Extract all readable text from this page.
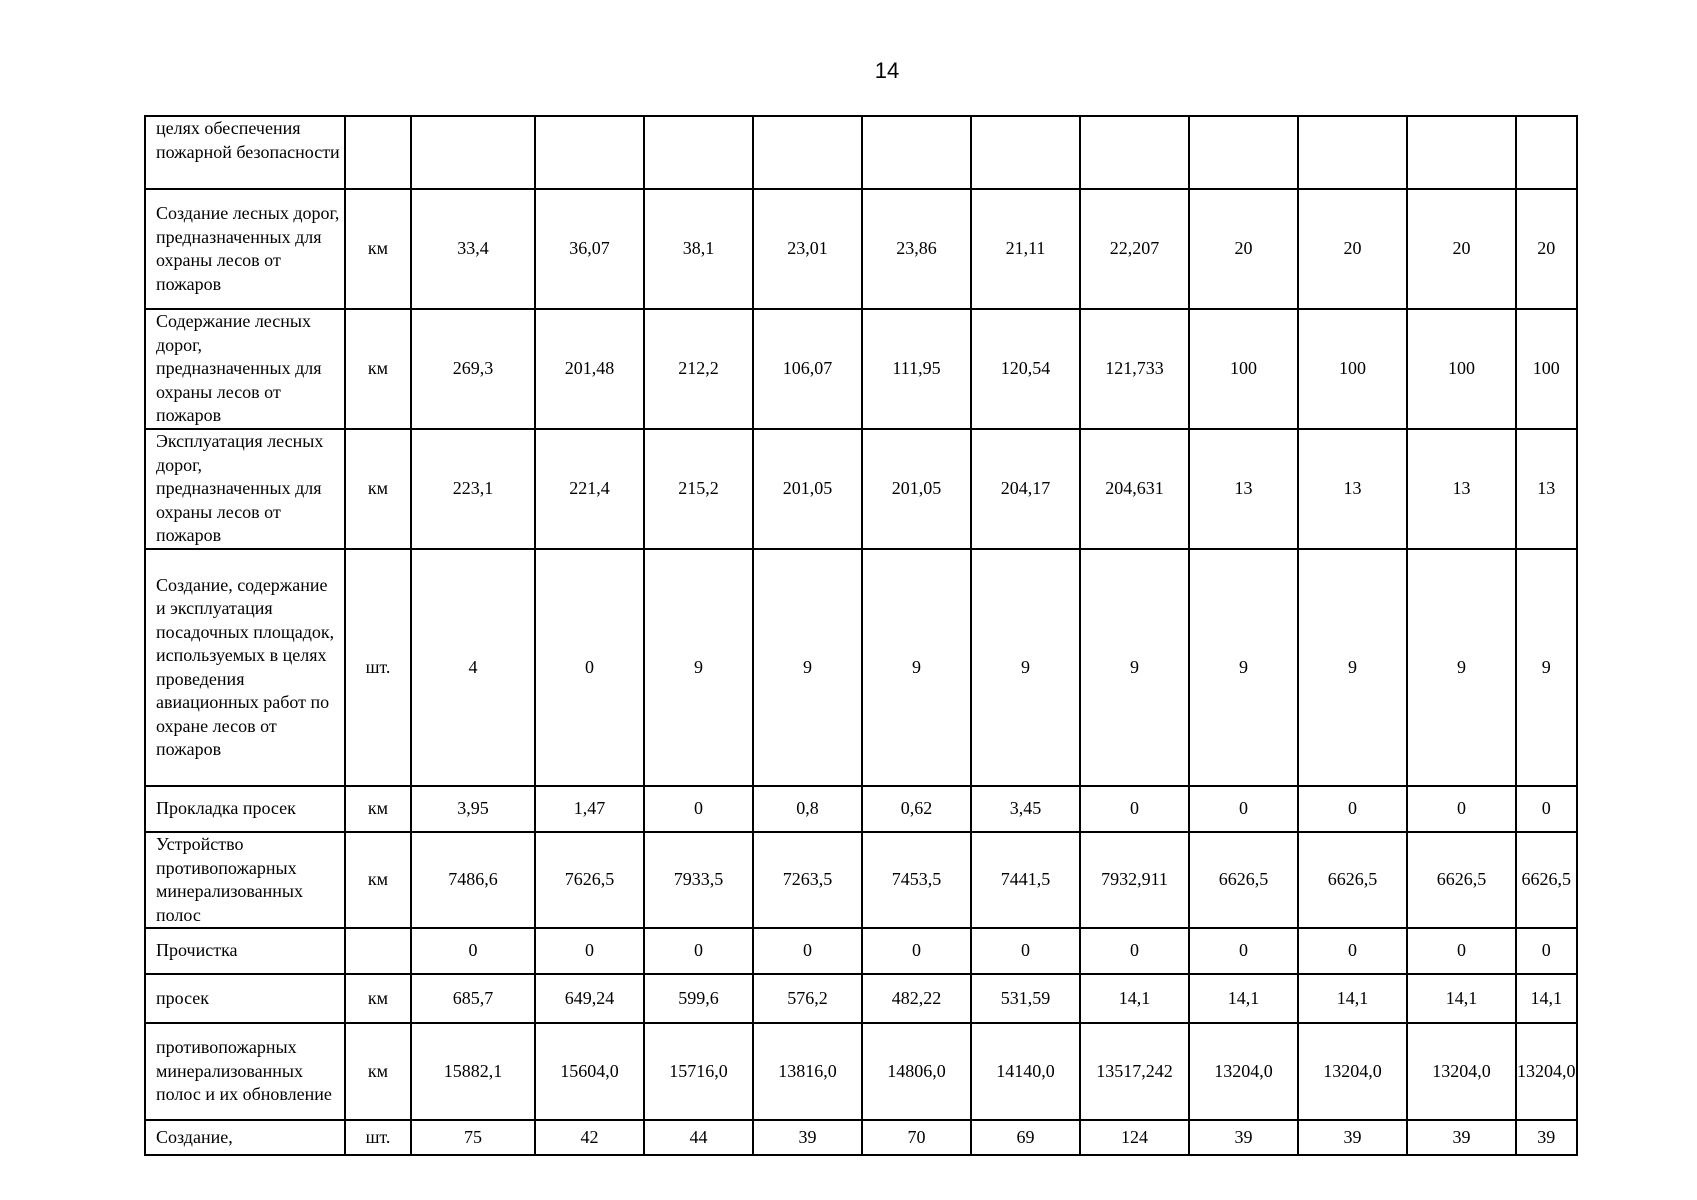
14
целях обеспечения пожарной безопасности												
Создание лесных дорог, предназначенных для охраны лесов от пожаров	км	33,4	36,07	38,1	23,01	23,86	21,11	22,207	20	20	20	20
Содержание лесных дорог, предназначенных для охраны лесов от пожаров	км	269,3	201,48	212,2	106,07	111,95	120,54	121,733	100	100	100	100
Эксплуатация лесных дорог, предназначенных для охраны лесов от пожаров	км	223,1	221,4	215,2	201,05	201,05	204,17	204,631	13	13	13	13
Создание, содержание и эксплуатация посадочных площадок, используемых в целях проведения авиационных работ по охране лесов от пожаров	шт.	4	0	9	9	9	9	9	9	9	9	9
Прокладка просек	км	3,95	1,47	0	0,8	0,62	3,45	0	0	0	0	0
Устройство противопожарных минерализованных полос	км	7486,6	7626,5	7933,5	7263,5	7453,5	7441,5	7932,911	6626,5	6626,5	6626,5	6626,5
Прочистка		0	0	0	0	0	0	0	0	0	0	0
просек	км	685,7	649,24	599,6	576,2	482,22	531,59	14,1	14,1	14,1	14,1	14,1
противопожарных минерализованных полос и их обновление	км	15882,1	15604,0	15716,0	13816,0	14806,0	14140,0	13517,242	13204,0	13204,0	13204,0	13204,0
Создание,	шт.	75	42	44	39	70	69	124	39	39	39	39
